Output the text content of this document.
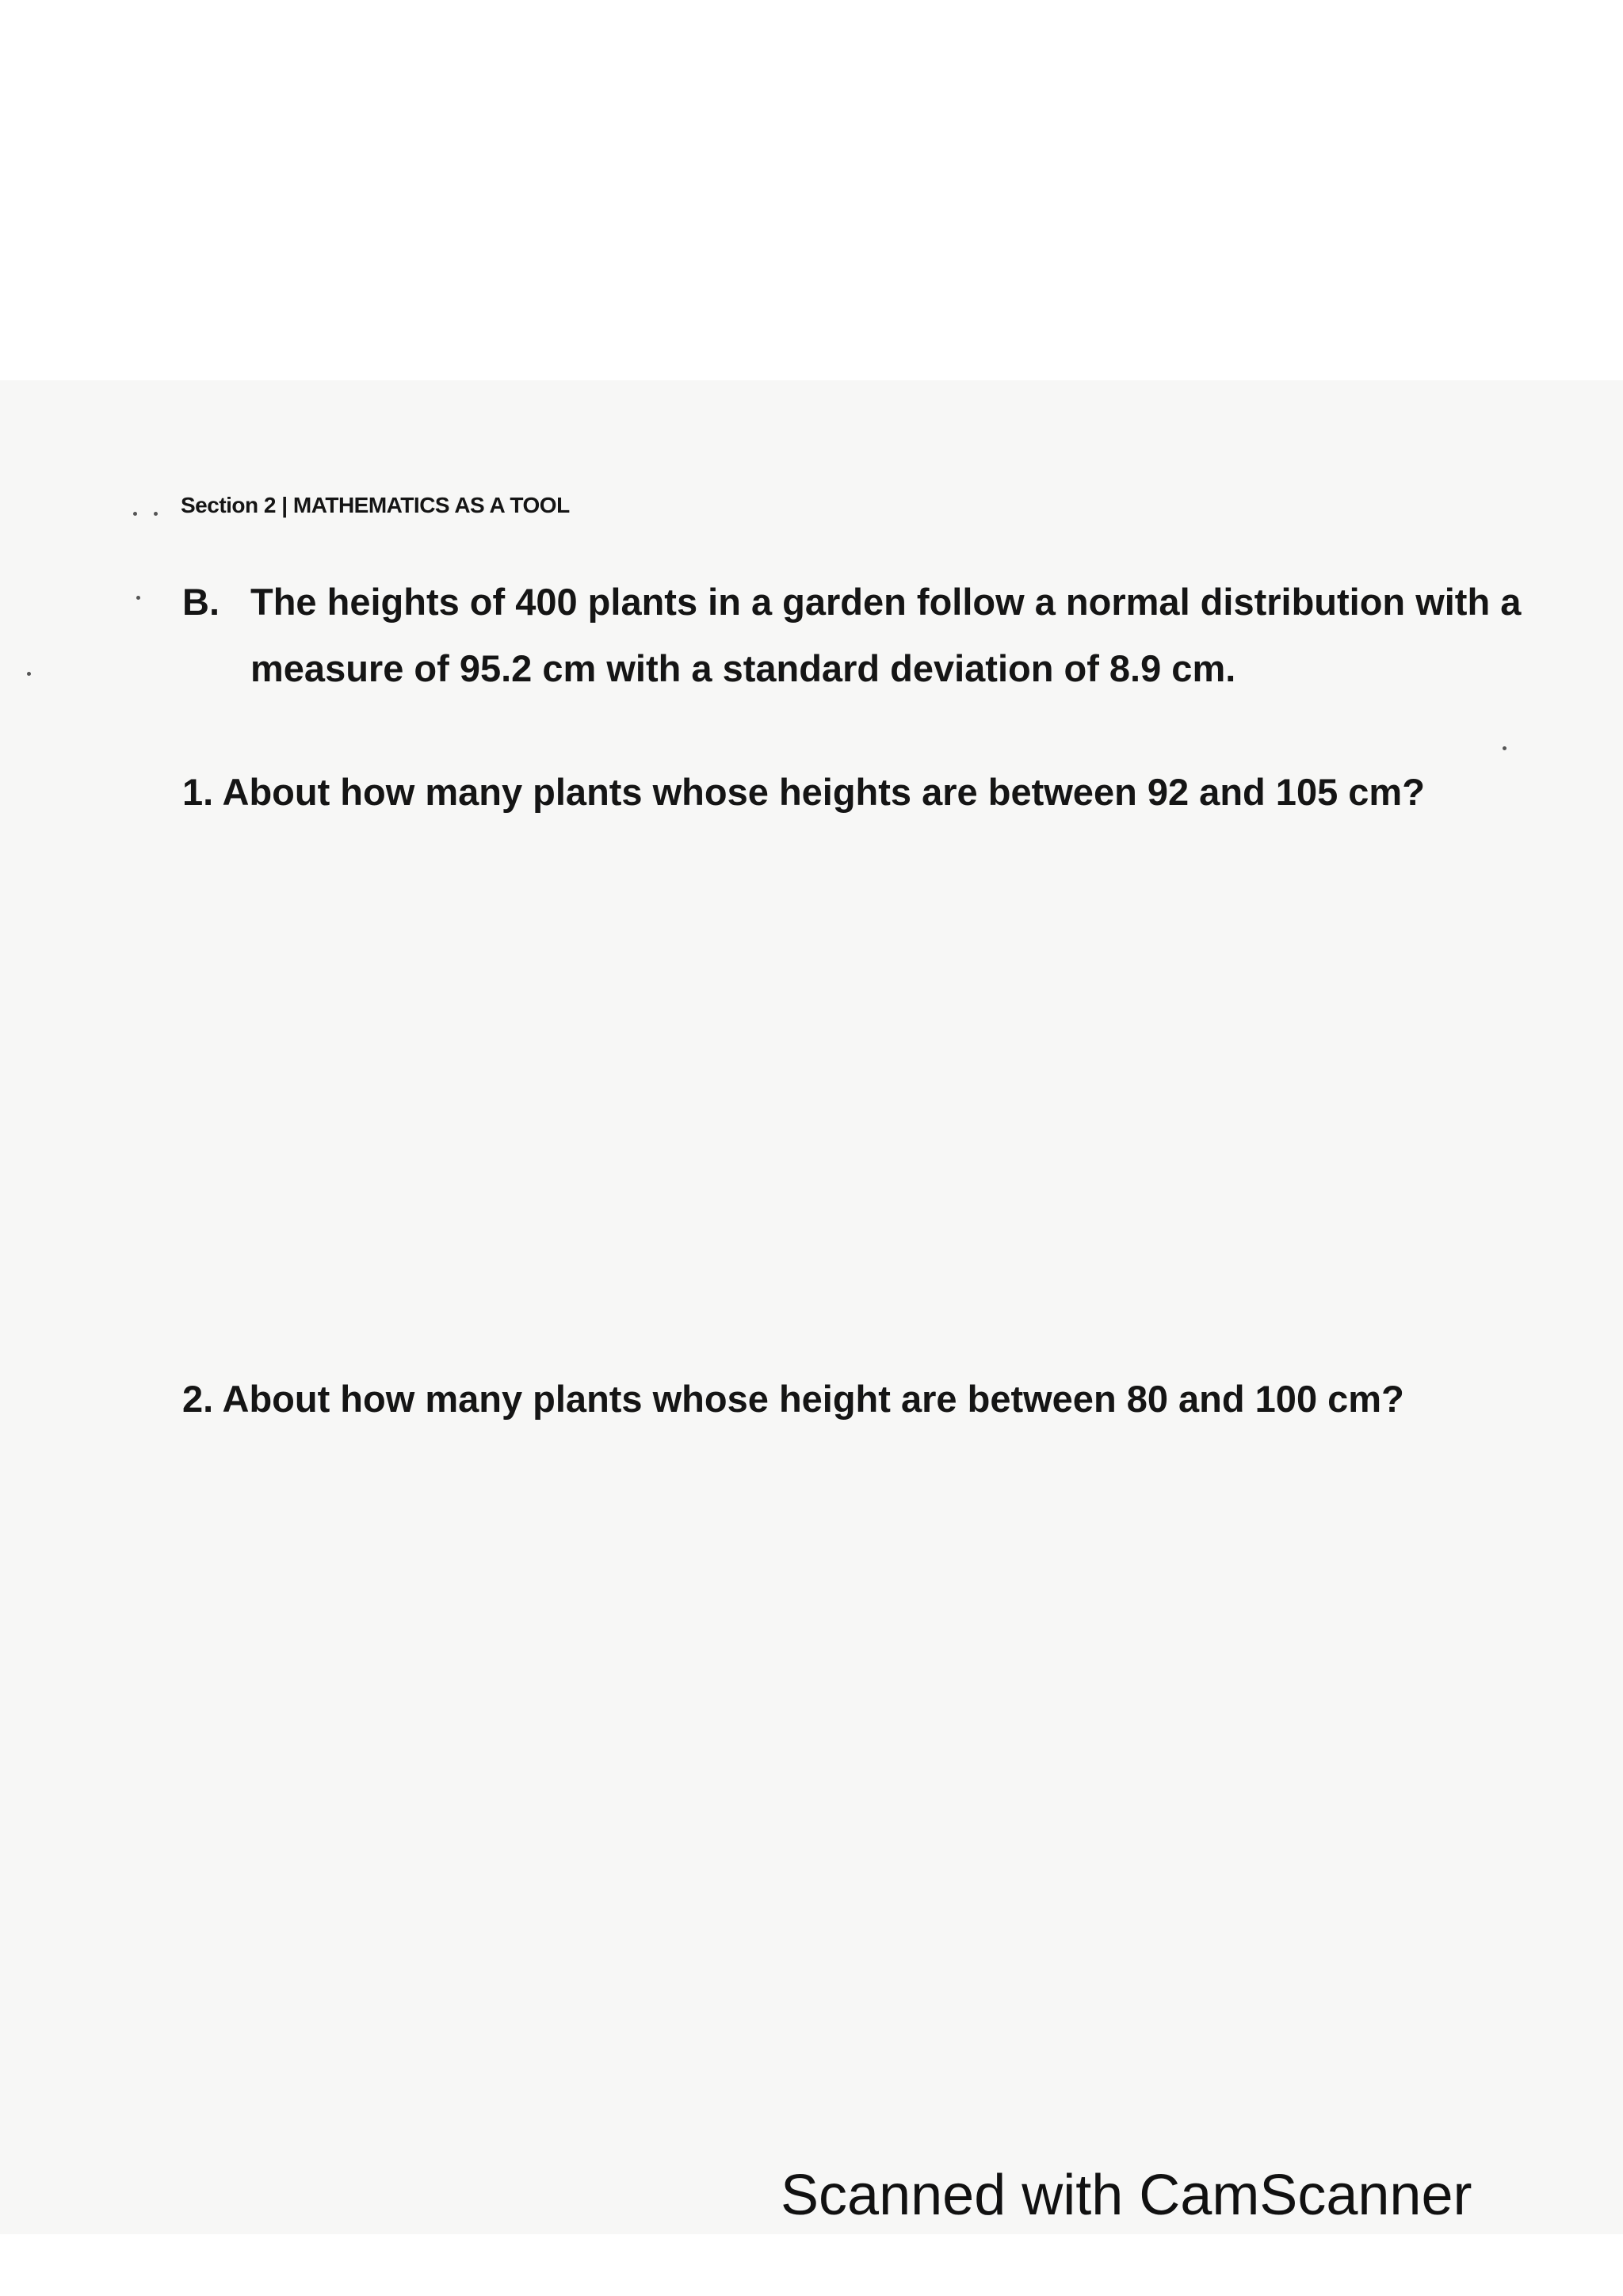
Section 2 | MATHEMATICS AS A TOOL
B. The heights of 400 plants in a garden follow a normal distribution with a measure of 95.2 cm with a standard deviation of 8.9 cm.
1. About how many plants whose heights are between 92 and 105 cm?
2. About how many plants whose height are between 80 and 100 cm?
Scanned with CamScanner
